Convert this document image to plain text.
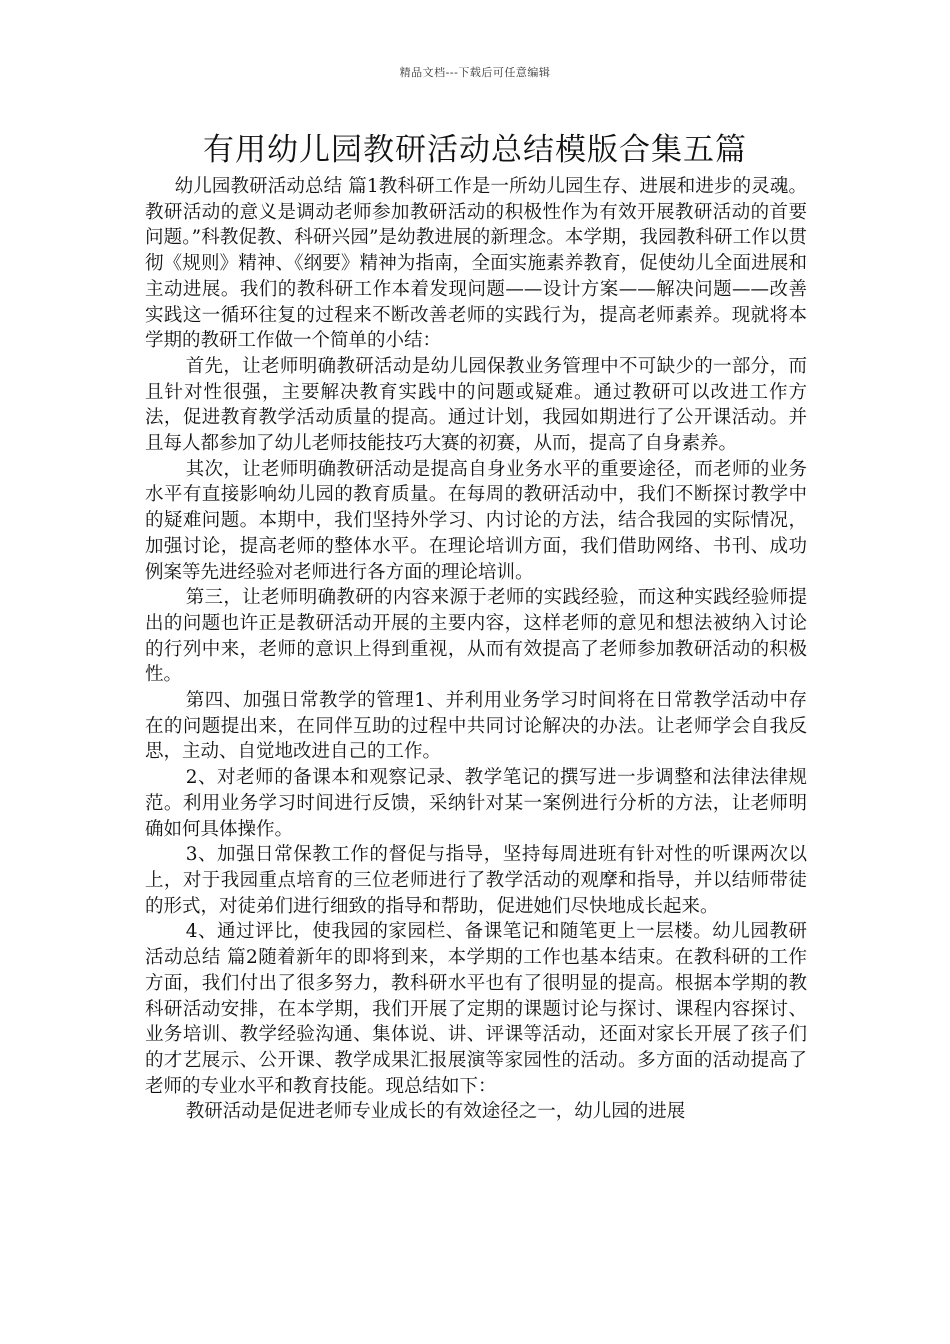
精品文档---下载后可任意编辑
有用幼儿园教研活动总结模版合集五篇

幼儿园教研活动总结 篇1教科研工作是一所幼儿园生存、进展和进步的灵魂。教研活动的意义是调动老师参加教研活动的积极性作为有效开展教研活动的首要问题。”科教促教、科研兴园”是幼教进展的新理念。本学期，我园教科研工作以贯彻《规则》精神、《纲要》精神为指南，全面实施素养教育，促使幼儿全面进展和主动进展。我们的教科研工作本着发现问题——设计方案——解决问题——改善实践这一循环往复的过程来不断改善老师的实践行为，提高老师素养。现就将本学期的教研工作做一个简单的小结：

首先，让老师明确教研活动是幼儿园保教业务管理中不可缺少的一部分，而且针对性很强，主要解决教育实践中的问题或疑难。通过教研可以改进工作方法，促进教育教学活动质量的提高。通过计划，我园如期进行了公开课活动。并且每人都参加了幼儿老师技能技巧大赛的初赛，从而，提高了自身素养。

其次，让老师明确教研活动是提高自身业务水平的重要途径，而老师的业务水平有直接影响幼儿园的教育质量。在每周的教研活动中，我们不断探讨教学中的疑难问题。本期中，我们坚持外学习、内讨论的方法，结合我园的实际情况，加强讨论，提高老师的整体水平。在理论培训方面，我们借助网络、书刊、成功例案等先进经验对老师进行各方面的理论培训。

第三，让老师明确教研的内容来源于老师的实践经验，而这种实践经验师提出的问题也许正是教研活动开展的主要内容，这样老师的意见和想法被纳入讨论的行列中来，老师的意识上得到重视，从而有效提高了老师参加教研活动的积极性。

第四、加强日常教学的管理1、并利用业务学习时间将在日常教学活动中存在的问题提出来，在同伴互助的过程中共同讨论解决的办法。让老师学会自我反思，主动、自觉地改进自己的工作。

2、对老师的备课本和观察记录、教学笔记的撰写进一步调整和法律法律规范。利用业务学习时间进行反馈，采纳针对某一案例进行分析的方法，让老师明确如何具体操作。

3、加强日常保教工作的督促与指导，坚持每周进班有针对性的听课两次以上，对于我园重点培育的三位老师进行了教学活动的观摩和指导，并以结师带徒的形式，对徒弟们进行细致的指导和帮助，促进她们尽快地成长起来。

4、通过评比，使我园的家园栏、备课笔记和随笔更上一层楼。幼儿园教研活动总结 篇2随着新年的即将到来，本学期的工作也基本结束。在教科研的工作方面，我们付出了很多努力，教科研水平也有了很明显的提高。根据本学期的教科研活动安排，在本学期，我们开展了定期的课题讨论与探讨、课程内容探讨、业务培训、教学经验沟通、集体说、讲、评课等活动，还面对家长开展了孩子们的才艺展示、公开课、教学成果汇报展演等家园性的活动。多方面的活动提高了老师的专业水平和教育技能。现总结如下：

教研活动是促进老师专业成长的有效途径之一，幼儿园的进展
